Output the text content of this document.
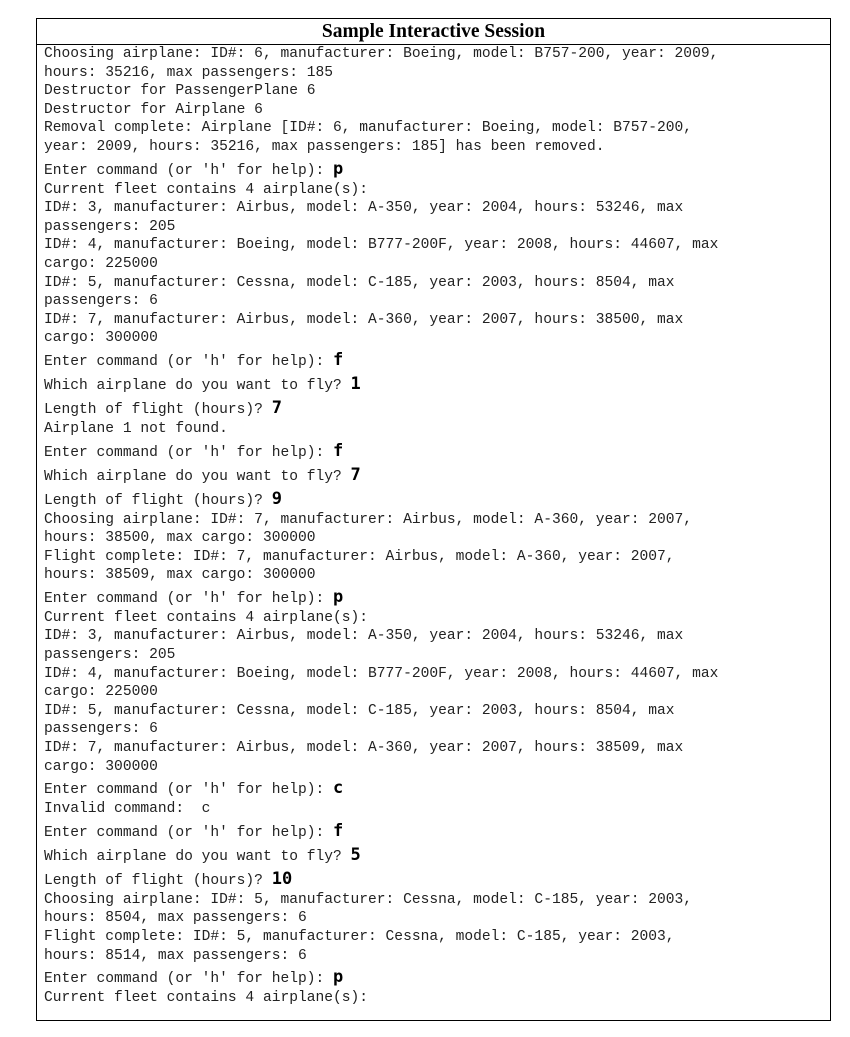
Sample Interactive Session
Choosing airplane: ID#: 6, manufacturer: Boeing, model: B757-200, year: 2009,
hours: 35216, max passengers: 185
Destructor for PassengerPlane 6
Destructor for Airplane 6
Removal complete: Airplane [ID#: 6, manufacturer: Boeing, model: B757-200,
year: 2009, hours: 35216, max passengers: 185] has been removed.
Enter command (or 'h' for help): p
Current fleet contains 4 airplane(s):
ID#: 3, manufacturer: Airbus, model: A-350, year: 2004, hours: 53246, max
passengers: 205
ID#: 4, manufacturer: Boeing, model: B777-200F, year: 2008, hours: 44607, max
cargo: 225000
ID#: 5, manufacturer: Cessna, model: C-185, year: 2003, hours: 8504, max
passengers: 6
ID#: 7, manufacturer: Airbus, model: A-360, year: 2007, hours: 38500, max
cargo: 300000
Enter command (or 'h' for help): f
Which airplane do you want to fly? 1
Length of flight (hours)? 7
Airplane 1 not found.
Enter command (or 'h' for help): f
Which airplane do you want to fly? 7
Length of flight (hours)? 9
Choosing airplane: ID#: 7, manufacturer: Airbus, model: A-360, year: 2007,
hours: 38500, max cargo: 300000
Flight complete: ID#: 7, manufacturer: Airbus, model: A-360, year: 2007,
hours: 38509, max cargo: 300000
Enter command (or 'h' for help): p
Current fleet contains 4 airplane(s):
ID#: 3, manufacturer: Airbus, model: A-350, year: 2004, hours: 53246, max
passengers: 205
ID#: 4, manufacturer: Boeing, model: B777-200F, year: 2008, hours: 44607, max
cargo: 225000
ID#: 5, manufacturer: Cessna, model: C-185, year: 2003, hours: 8504, max
passengers: 6
ID#: 7, manufacturer: Airbus, model: A-360, year: 2007, hours: 38509, max
cargo: 300000
Enter command (or 'h' for help): c
Invalid command:  c
Enter command (or 'h' for help): f
Which airplane do you want to fly? 5
Length of flight (hours)? 10
Choosing airplane: ID#: 5, manufacturer: Cessna, model: C-185, year: 2003,
hours: 8504, max passengers: 6
Flight complete: ID#: 5, manufacturer: Cessna, model: C-185, year: 2003,
hours: 8514, max passengers: 6
Enter command (or 'h' for help): p
Current fleet contains 4 airplane(s):
